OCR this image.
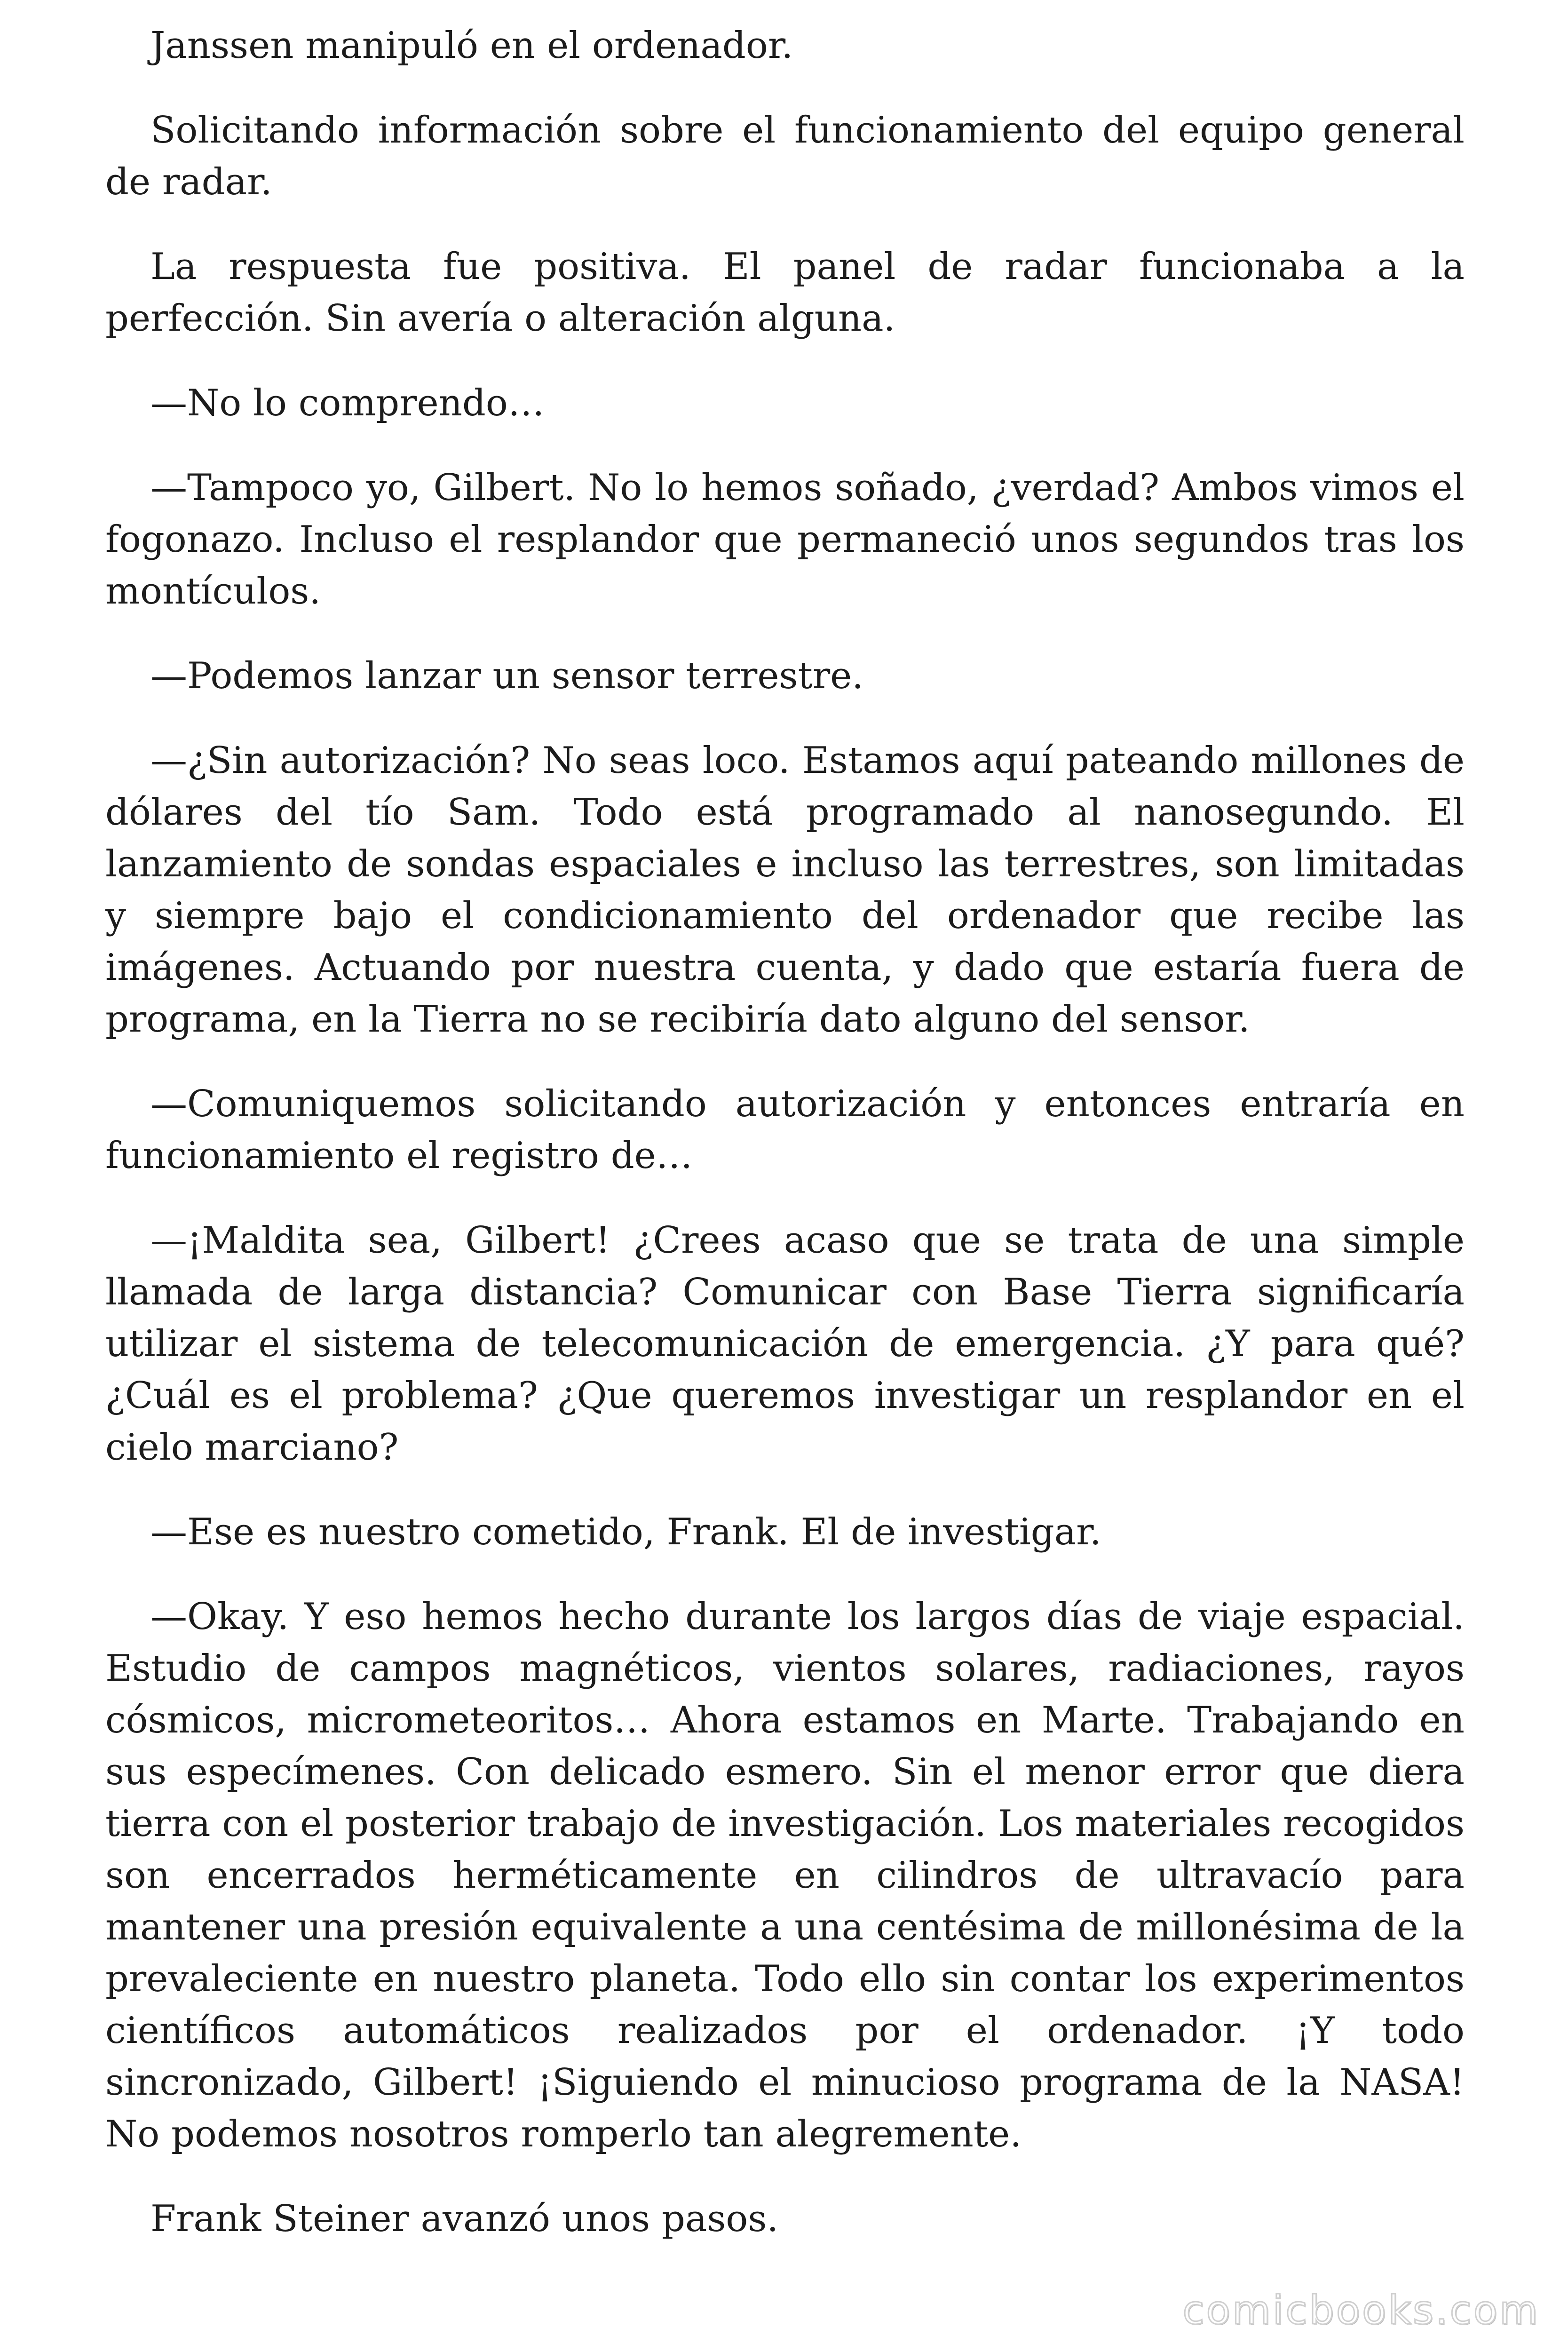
Janssen manipuló en el ordenador.

Solicitando información sobre el funcionamiento del equipo general de radar.

La respuesta fue positiva. El panel de radar funcionaba a la perfección. Sin avería o alteración alguna.

—No lo comprendo…

—Tampoco yo, Gilbert. No lo hemos soñado, ¿verdad? Ambos vimos el fogonazo. Incluso el resplandor que permaneció unos segundos tras los montículos.

—Podemos lanzar un sensor terrestre.

—¿Sin autorización? No seas loco. Estamos aquí pateando millones de dólares del tío Sam. Todo está programado al nanosegundo. El lanzamiento de sondas espaciales e incluso las terrestres, son limitadas y siempre bajo el condicionamiento del ordenador que recibe las imágenes. Actuando por nuestra cuenta, y dado que estaría fuera de programa, en la Tierra no se recibiría dato alguno del sensor.

—Comuniquemos solicitando autorización y entonces entraría en funcionamiento el registro de…

—¡Maldita sea, Gilbert! ¿Crees acaso que se trata de una simple llamada de larga distancia? Comunicar con Base Tierra significaría utilizar el sistema de telecomunicación de emergencia. ¿Y para qué? ¿Cuál es el problema? ¿Que queremos investigar un resplandor en el cielo marciano?

—Ese es nuestro cometido, Frank. El de investigar.

—Okay. Y eso hemos hecho durante los largos días de viaje espacial. Estudio de campos magnéticos, vientos solares, radiaciones, rayos cósmicos, micrometeoritos… Ahora estamos en Marte. Trabajando en sus especímenes. Con delicado esmero. Sin el menor error que diera tierra con el posterior trabajo de investigación. Los materiales recogidos son encerrados herméticamente en cilindros de ultravacío para mantener una presión equivalente a una centésima de millonésima de la prevaleciente en nuestro planeta. Todo ello sin contar los experimentos científicos automáticos realizados por el ordenador. ¡Y todo sincronizado, Gilbert! ¡Siguiendo el minucioso programa de la NASA! No podemos nosotros romperlo tan alegremente.

Frank Steiner avanzó unos pasos.

comicbooks.com
